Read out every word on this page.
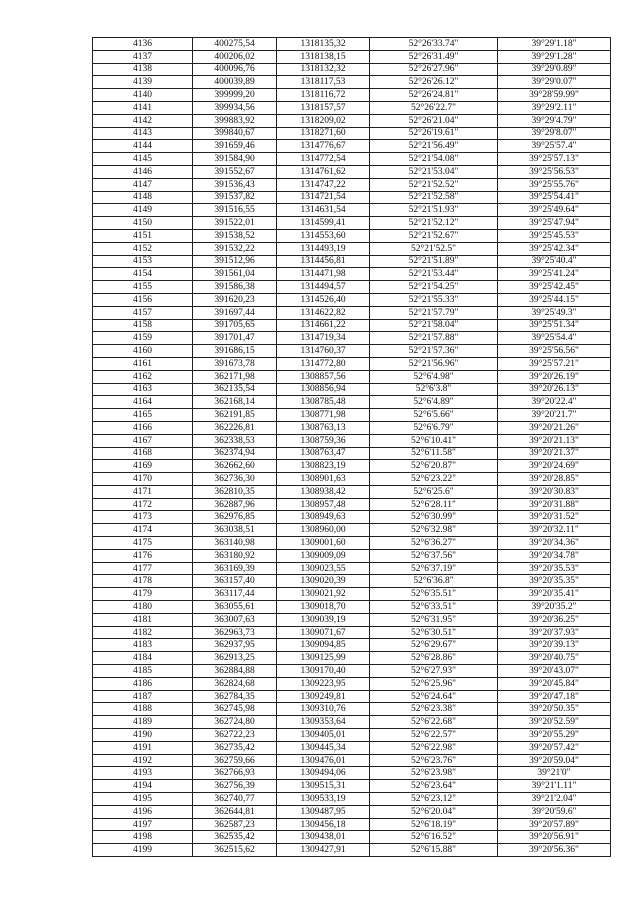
4136	400275,54	1318135,32	52°26'33.74"	39°29'1.18"
4137	400206,02	1318138,15	52°26'31.49"	39°29'1.28"
4138	400096,76	1318132,32	52°26'27.96"	39°29'0.89"
4139	400039,89	1318117,53	52°26'26.12"	39°29'0.07"
4140	399999,20	1318116,72	52°26'24.81"	39°28'59.99"
4141	399934,56	1318157,57	52°26'22.7"	39°29'2.11"
4142	399883,92	1318209,02	52°26'21.04"	39°29'4.79"
4143	399840,67	1318271,60	52°26'19.61"	39°29'8.07"
4144	391659,46	1314776,67	52°21'56.49"	39°25'57.4"
4145	391584,90	1314772,54	52°21'54.08"	39°25'57.13"
4146	391552,67	1314761,62	52°21'53.04"	39°25'56.53"
4147	391536,43	1314747,22	52°21'52.52"	39°25'55.76"
4148	391537,82	1314721,54	52°21'52.58"	39°25'54.41"
4149	391516,55	1314631,54	52°21'51.93"	39°25'49.64"
4150	391522,01	1314599,41	52°21'52.12"	39°25'47.94"
4151	391538,52	1314553,60	52°21'52.67"	39°25'45.53"
4152	391532,22	1314493,19	52°21'52.5"	39°25'42.34"
4153	391512,96	1314456,81	52°21'51.89"	39°25'40.4"
4154	391561,04	1314471,98	52°21'53.44"	39°25'41.24"
4155	391586,38	1314494,57	52°21'54.25"	39°25'42.45"
4156	391620,23	1314526,40	52°21'55.33"	39°25'44.15"
4157	391697,44	1314622,82	52°21'57.79"	39°25'49.3"
4158	391705,65	1314661,22	52°21'58.04"	39°25'51.34"
4159	391701,47	1314719,34	52°21'57.88"	39°25'54.4"
4160	391686,15	1314760,37	52°21'57.36"	39°25'56.56"
4161	391673,78	1314772,80	52°21'56.96"	39°25'57.21"
4162	362171,98	1308857,56	52°6'4.98"	39°20'26.19"
4163	362135,54	1308856,94	52°6'3.8"	39°20'26.13"
4164	362168,14	1308785,48	52°6'4.89"	39°20'22.4"
4165	362191,85	1308771,98	52°6'5.66"	39°20'21.7"
4166	362226,81	1308763,13	52°6'6.79"	39°20'21.26"
4167	362338,53	1308759,36	52°6'10.41"	39°20'21.13"
4168	362374,94	1308763,47	52°6'11.58"	39°20'21.37"
4169	362662,60	1308823,19	52°6'20.87"	39°20'24.69"
4170	362736,30	1308901,63	52°6'23.22"	39°20'28.85"
4171	362810,35	1308938,42	52°6'25.6"	39°20'30.83"
4172	362887,96	1308957,48	52°6'28.11"	39°20'31.88"
4173	362976,85	1308949,63	52°6'30.99"	39°20'31.52"
4174	363038,51	1308960,00	52°6'32.98"	39°20'32.11"
4175	363140,98	1309001,60	52°6'36.27"	39°20'34.36"
4176	363180,92	1309009,09	52°6'37.56"	39°20'34.78"
4177	363169,39	1309023,55	52°6'37.19"	39°20'35.53"
4178	363157,40	1309020,39	52°6'36.8"	39°20'35.35"
4179	363117,44	1309021,92	52°6'35.51"	39°20'35.41"
4180	363055,61	1309018,70	52°6'33.51"	39°20'35.2"
4181	363007,63	1309039,19	52°6'31.95"	39°20'36.25"
4182	362963,73	1309071,67	52°6'30.51"	39°20'37.93"
4183	362937,95	1309094,85	52°6'29.67"	39°20'39.13"
4184	362913,25	1309125,99	52°6'28.86"	39°20'40.75"
4185	362884,88	1309170,40	52°6'27.93"	39°20'43.07"
4186	362824,68	1309223,95	52°6'25.96"	39°20'45.84"
4187	362784,35	1309249,81	52°6'24.64"	39°20'47.18"
4188	362745,98	1309310,76	52°6'23.38"	39°20'50.35"
4189	362724,80	1309353,64	52°6'22.68"	39°20'52.59"
4190	362722,23	1309405,01	52°6'22.57"	39°20'55.29"
4191	362735,42	1309445,34	52°6'22.98"	39°20'57.42"
4192	362759,66	1309476,01	52°6'23.76"	39°20'59.04"
4193	362766,93	1309494,06	52°6'23.98"	39°21'0"
4194	362756,39	1309515,31	52°6'23.64"	39°21'1.11"
4195	362740,77	1309533,19	52°6'23.12"	39°21'2.04"
4196	362644,81	1309487,95	52°6'20.04"	39°20'59.6"
4197	362587,23	1309456,18	52°6'18.19"	39°20'57.89"
4198	362535,42	1309438,01	52°6'16.52"	39°20'56.91"
4199	362515,62	1309427,91	52°6'15.88"	39°20'56.36"
